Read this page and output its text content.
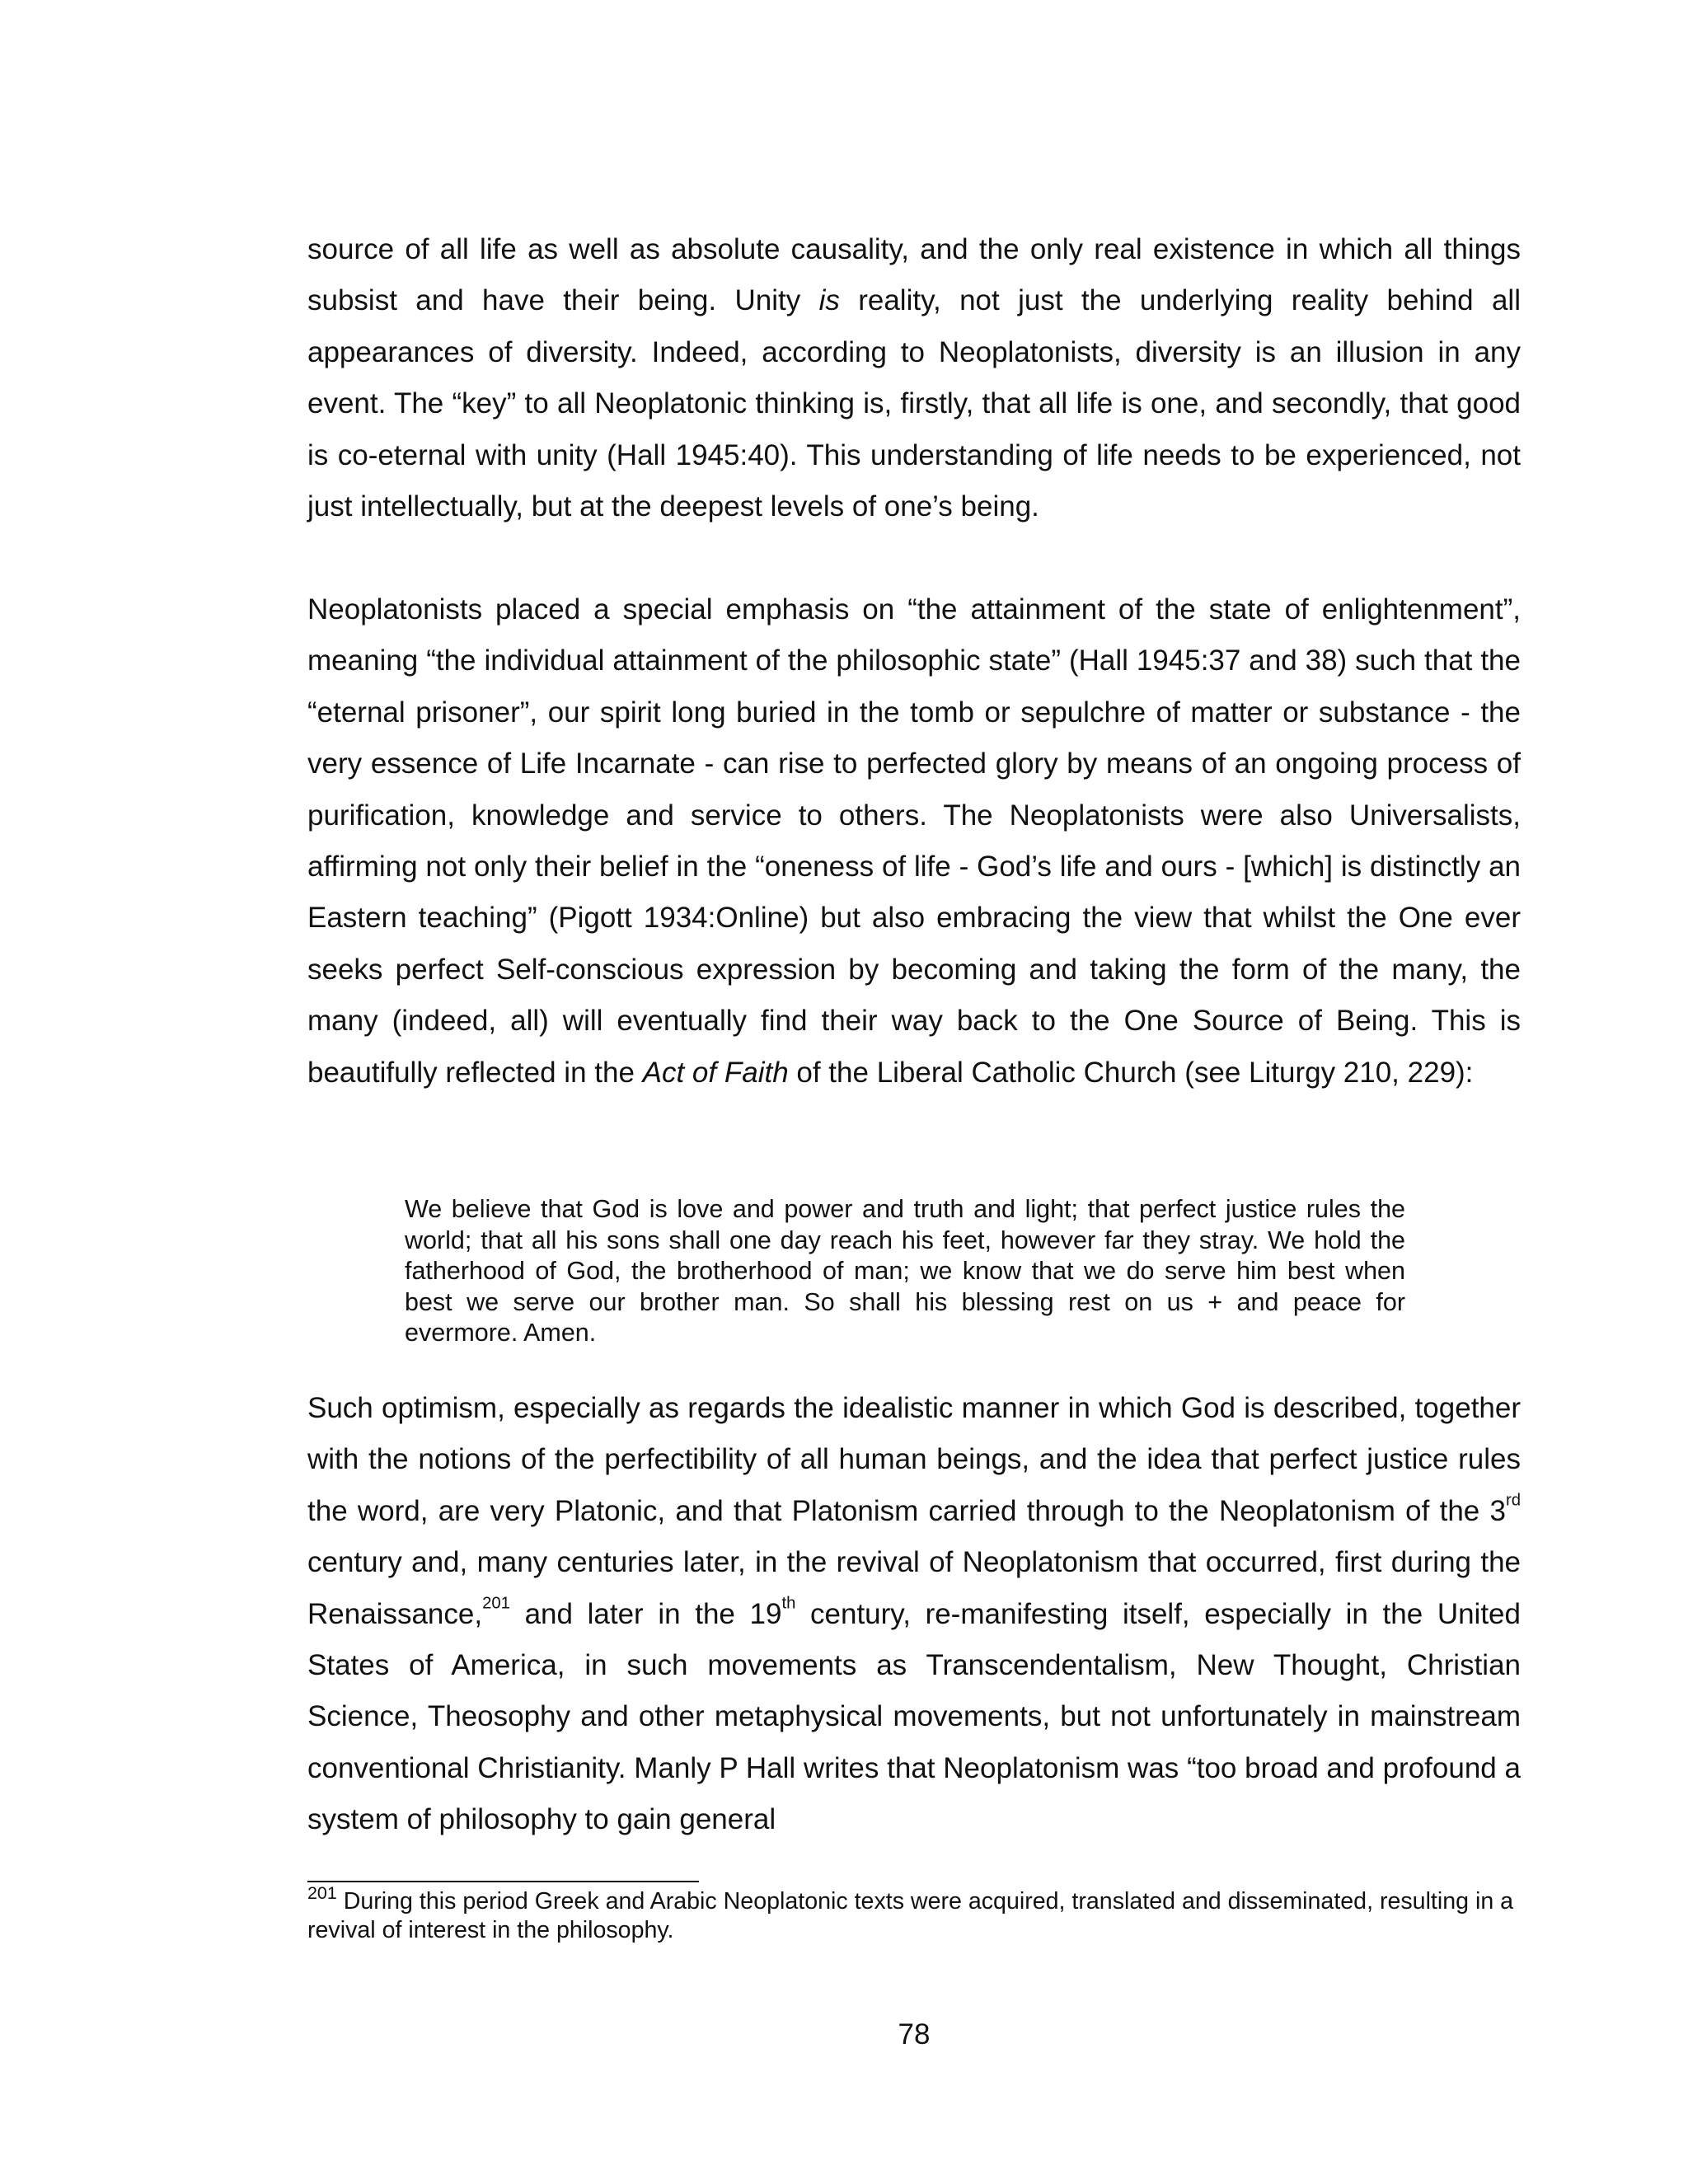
source of all life as well as absolute causality, and the only real existence in which all things subsist and have their being. Unity is reality, not just the underlying reality behind all appearances of diversity. Indeed, according to Neoplatonists, diversity is an illusion in any event. The “key” to all Neoplatonic thinking is, firstly, that all life is one, and secondly, that good is co-eternal with unity (Hall 1945:40). This understanding of life needs to be experienced, not just intellectually, but at the deepest levels of one’s being.

Neoplatonists placed a special emphasis on “the attainment of the state of enlightenment”, meaning “the individual attainment of the philosophic state” (Hall 1945:37 and 38) such that the “eternal prisoner”, our spirit long buried in the tomb or sepulchre of matter or substance - the very essence of Life Incarnate - can rise to perfected glory by means of an ongoing process of purification, knowledge and service to others. The Neoplatonists were also Universalists, affirming not only their belief in the “oneness of life - God’s life and ours - [which] is distinctly an Eastern teaching” (Pigott 1934:Online) but also embracing the view that whilst the One ever seeks perfect Self-conscious expression by becoming and taking the form of the many, the many (indeed, all) will eventually find their way back to the One Source of Being. This is beautifully reflected in the Act of Faith of the Liberal Catholic Church (see Liturgy 210, 229):

We believe that God is love and power and truth and light; that perfect justice rules the world; that all his sons shall one day reach his feet, however far they stray. We hold the fatherhood of God, the brotherhood of man; we know that we do serve him best when best we serve our brother man. So shall his blessing rest on us + and peace for evermore. Amen.

Such optimism, especially as regards the idealistic manner in which God is described, together with the notions of the perfectibility of all human beings, and the idea that perfect justice rules the word, are very Platonic, and that Platonism carried through to the Neoplatonism of the 3rd century and, many centuries later, in the revival of Neoplatonism that occurred, first during the Renaissance,$^{201}$ and later in the 19th century, re-manifesting itself, especially in the United States of America, in such movements as Transcendentalism, New Thought, Christian Science, Theosophy and other metaphysical movements, but not unfortunately in mainstream conventional Christianity. Manly P Hall writes that Neoplatonism was “too broad and profound a system of philosophy to gain general

$^{201}$ During this period Greek and Arabic Neoplatonic texts were acquired, translated and disseminated, resulting in a revival of interest in the philosophy.

78
